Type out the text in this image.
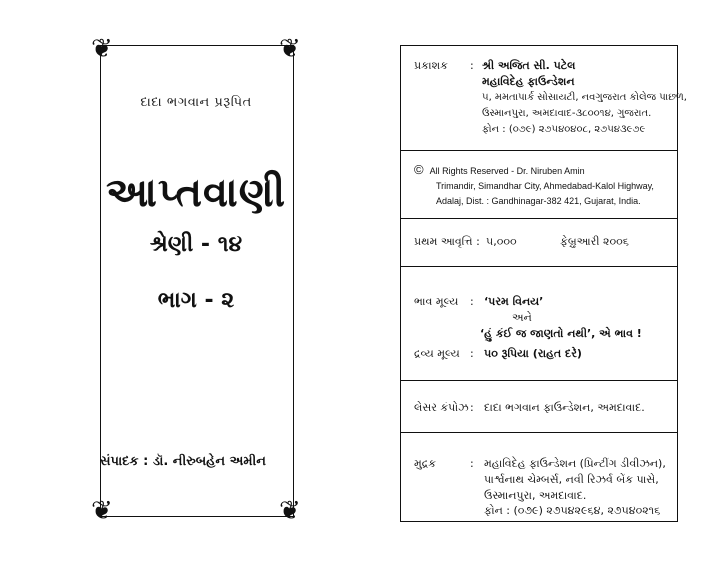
❦	❦
❦	❦
દાદા ભગવાન પ્રરૂપિત
આપ્તવાણી
શ્રેણી - ૧૪
ભાગ - ૨
સંપાદક : ડૉ. નીરુબહેન અમીન
પ્રકાશક : શ્રી અજિત સી. પટેલ
મહાવિદેહ ફાઉન્ડેશન
૫, મમતાપાર્ક સોસાયટી, નવગુજરાત કોલેજ પાછળ,
ઉસ્માનપુરા, અમદાવાદ-૩૮૦૦૧૪, ગુજરાત.
ફોન : (૦૭૯) ૨૭૫૪૦૪૦૮, ૨૭૫૪૩૯૭૯
© All Rights Reserved - Dr. Niruben Amin
Trimandir, Simandhar City, Ahmedabad-Kalol Highway,
Adalaj, Dist. : Gandhinagar-382 421, Gujarat, India.
પ્રથમ આવૃત્તિ : ૫,૦૦૦	ફેબ્રુઆરી ૨૦૦૬
ભાવ મૂલ્ય : ‘પરમ વિનય’
અને
‘હું કંઈ જ જાણતો નથી’, એ ભાવ !
દ્રવ્ય મૂલ્ય : ૫૦ રૂપિયા (રાહત દરે)
લેસર કંપોઝ : દાદા ભગવાન ફાઉન્ડેશન, અમદાવાદ.
મુદ્રક	: મહાવિદેહ ફાઉન્ડેશન (પ્રિન્ટીંગ ડીવીઝન),
પાર્શ્વનાથ ચેમ્બર્સ, નવી રિઝર્વ બેંક પાસે,
ઉસ્માનપુરા, અમદાવાદ.
ફોન : (૦૭૯) ૨૭૫૪૨૯૬૪, ૨૭૫૪૦૨૧૬
